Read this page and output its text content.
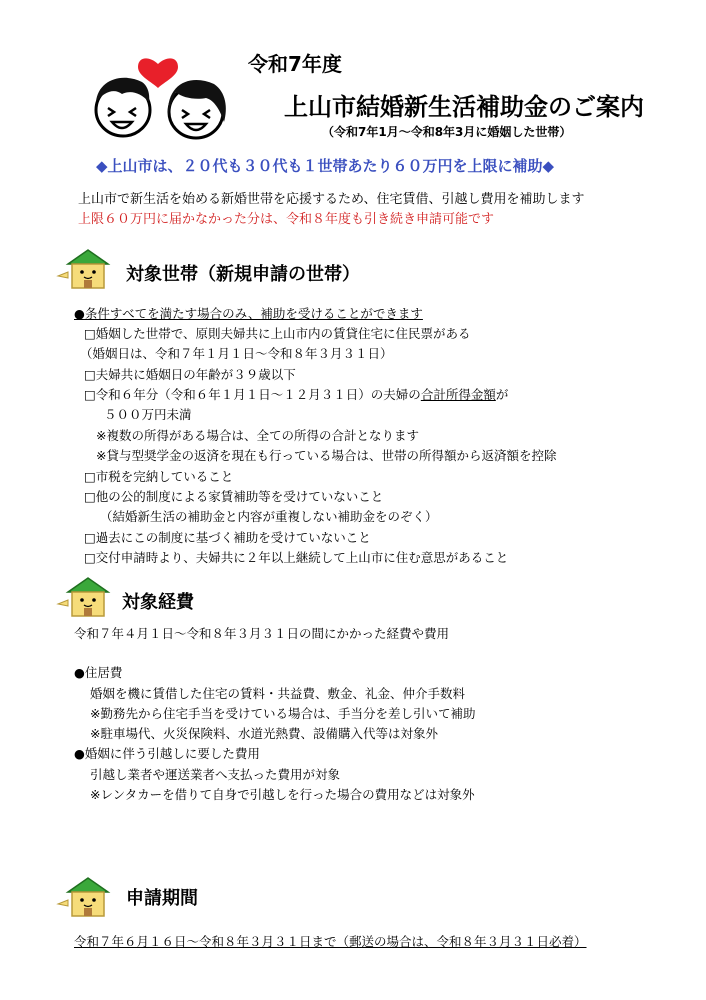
令和7年度
上山市結婚新生活補助金のご案内
（令和7年1月～令和8年3月に婚姻した世帯）
◆上山市は、２０代も３０代も１世帯あたり６０万円を上限に補助◆
上山市で新生活を始める新婚世帯を応援するため、住宅賃借、引越し費用を補助します
上限６０万円に届かなかった分は、令和８年度も引き続き申請可能です
対象世帯（新規申請の世帯）
●条件すべてを満たす場合のみ、補助を受けることができます
□婚姻した世帯で、原則夫婦共に上山市内の賃貸住宅に住民票がある
（婚姻日は、令和７年１月１日～令和８年３月３１日）
□夫婦共に婚姻日の年齢が３９歳以下
□令和６年分（令和６年１月１日～１２月３１日）の夫婦の合計所得金額が
５００万円未満
※複数の所得がある場合は、全ての所得の合計となります
※貸与型奨学金の返済を現在も行っている場合は、世帯の所得額から返済額を控除
□市税を完納していること
□他の公的制度による家賃補助等を受けていないこと
（結婚新生活の補助金と内容が重複しない補助金をのぞく）
□過去にこの制度に基づく補助を受けていないこと
□交付申請時より、夫婦共に２年以上継続して上山市に住む意思があること
対象経費
令和７年４月１日～令和８年３月３１日の間にかかった経費や費用
●住居費
婚姻を機に賃借した住宅の賃料・共益費、敷金、礼金、仲介手数料
※勤務先から住宅手当を受けている場合は、手当分を差し引いて補助
※駐車場代、火災保険料、水道光熱費、設備購入代等は対象外
●婚姻に伴う引越しに要した費用
引越し業者や運送業者へ支払った費用が対象
※レンタカーを借りて自身で引越しを行った場合の費用などは対象外
申請期間
令和７年６月１６日～令和８年３月３１日まで（郵送の場合は、令和８年３月３１日必着）
